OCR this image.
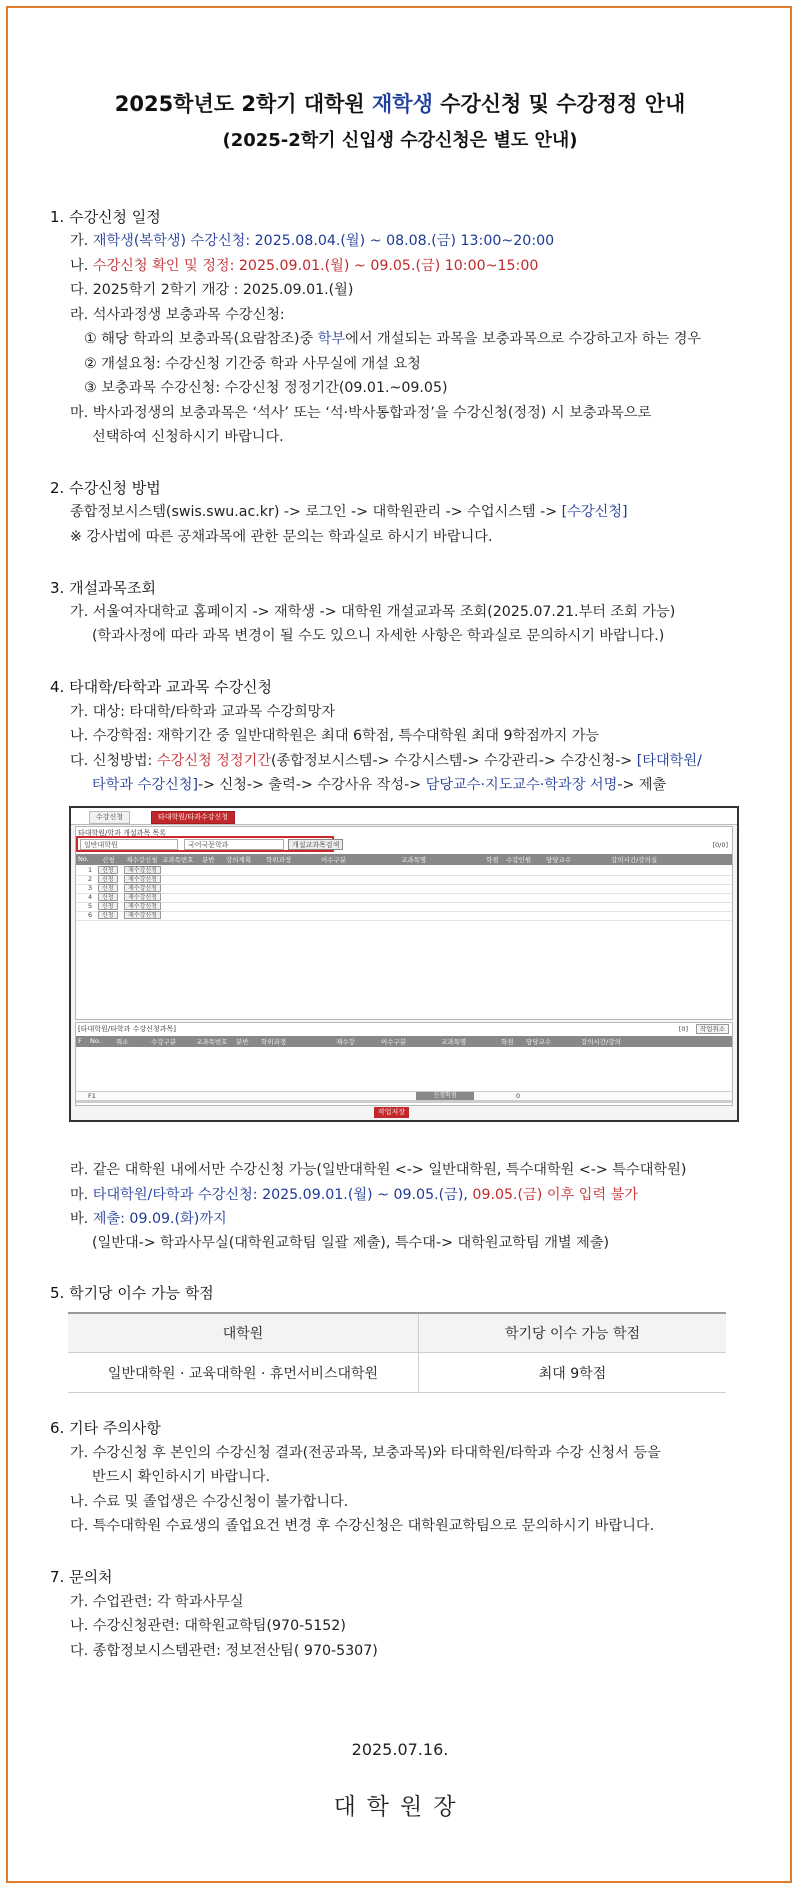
2025학년도 2학기 대학원 재학생 수강신청 및 수강정정 안내
(2025-2학기 신입생 수강신청은 별도 안내)
1. 수강신청 일정
가. 재학생(복학생) 수강신청: 2025.08.04.(월) ~ 08.08.(금) 13:00~20:00
나. 수강신청 확인 및 정정: 2025.09.01.(월) ~ 09.05.(금) 10:00~15:00
다. 2025학기 2학기 개강 : 2025.09.01.(월)
라. 석사과정생 보충과목 수강신청:
① 해당 학과의 보충과목(요람참조)중 학부에서 개설되는 과목을 보충과목으로 수강하고자 하는 경우
② 개설요청: 수강신청 기간중 학과 사무실에 개설 요청
③ 보충과목 수강신청: 수강신청 정정기간(09.01.~09.05)
마. 박사과정생의 보충과목은 ‘석사’ 또는 ‘석·박사통합과정’을 수강신청(정정) 시 보충과목으로
선택하여 신청하시기 바랍니다.
2. 수강신청 방법
종합정보시스템(swis.swu.ac.kr) -> 로그인 -> 대학원관리 -> 수업시스템 -> [수강신청]
※ 강사법에 따른 공채과목에 관한 문의는 학과실로 하시기 바랍니다.
3. 개설과목조회
가. 서울여자대학교 홈페이지 -> 재학생 -> 대학원 개설교과목 조회(2025.07.21.부터 조회 가능)
(학과사정에 따라 과목 변경이 될 수도 있으니 자세한 사항은 학과실로 문의하시기 바랍니다.)
4. 타대학/타학과 교과목 수강신청
가. 대상: 타대학/타학과 교과목 수강희망자
나. 수강학점: 재학기간 중 일반대학원은 최대 6학점, 특수대학원 최대 9학점까지 가능
다. 신청방법: 수강신청 정정기간(종합정보시스템-> 수강시스템-> 수강관리-> 수강신청-> [타대학원/
타학과 수강신청]-> 신청-> 출력-> 수강사유 작성-> 담당교수·지도교수·학과장 서명-> 제출
수강신청	타대학원/타과수강신청
타대학원/학과 개설과목 목록
일반대학원	국어국문학과	개설교과목검색	[0/0]
No. 신청 재수강신청 교과목번호 분반 강의계획 학위과정	이수구분	교과목명	학점 수강인원 담당교수	강의시간/강의실
1	신청	재수강신청
2	신청	재수강신청
3	신청	재수강신청
4	신청	재수강신청
5	신청	재수강신청
6	신청	재수강신청
[타대학원/타학과 수강신청과목]	[0]	작업취소
F No. 취소	수강구분	교과목번호 분반 학위과정	재수강	이수구분	교과목명	학점 담당교수	강의시간/강의
F1	신청학점	0
작업저장
라. 같은 대학원 내에서만 수강신청 가능(일반대학원 <-> 일반대학원, 특수대학원 <-> 특수대학원)
마. 타대학원/타학과 수강신청: 2025.09.01.(월) ~ 09.05.(금), 09.05.(금) 이후 입력 불가
바. 제출: 09.09.(화)까지
(일반대-> 학과사무실(대학원교학팀 일괄 제출), 특수대-> 대학원교학팀 개별 제출)
5. 학기당 이수 가능 학점
대학원	학기당 이수 가능 학점
일반대학원 · 교육대학원 · 휴먼서비스대학원	최대 9학점
6. 기타 주의사항
가. 수강신청 후 본인의 수강신청 결과(전공과목, 보충과목)와 타대학원/타학과 수강 신청서 등을
반드시 확인하시기 바랍니다.
나. 수료 및 졸업생은 수강신청이 불가합니다.
다. 특수대학원 수료생의 졸업요건 변경 후 수강신청은 대학원교학팀으로 문의하시기 바랍니다.
7. 문의처
가. 수업관련: 각 학과사무실
나. 수강신청관련: 대학원교학팀(970-5152)
다. 종합정보시스템관련: 정보전산팀( 970-5307)
2025.07.16.
대학원장
